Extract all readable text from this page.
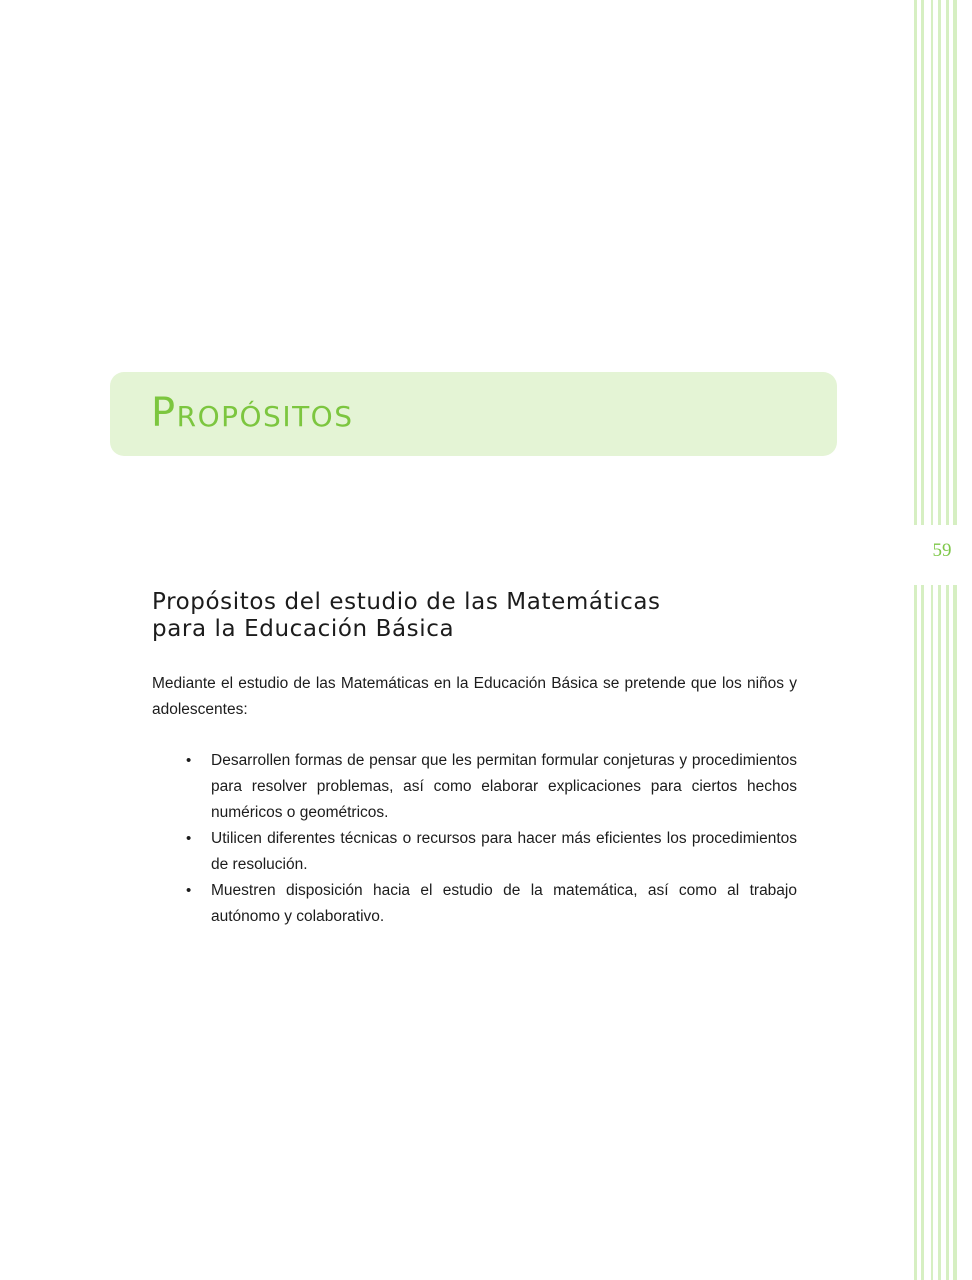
59
Propósitos
Propósitos del estudio de las Matemáticas
para la Educación Básica

Mediante el estudio de las Matemáticas en la Educación Básica se pretende que los niños y adolescentes:

• Desarrollen formas de pensar que les permitan formular conjeturas y procedimientos para resolver problemas, así como elaborar explicaciones para ciertos hechos numéricos o geométricos.
• Utilicen diferentes técnicas o recursos para hacer más eficientes los procedimientos de resolución.
• Muestren disposición hacia el estudio de la matemática, así como al trabajo autónomo y colaborativo.
